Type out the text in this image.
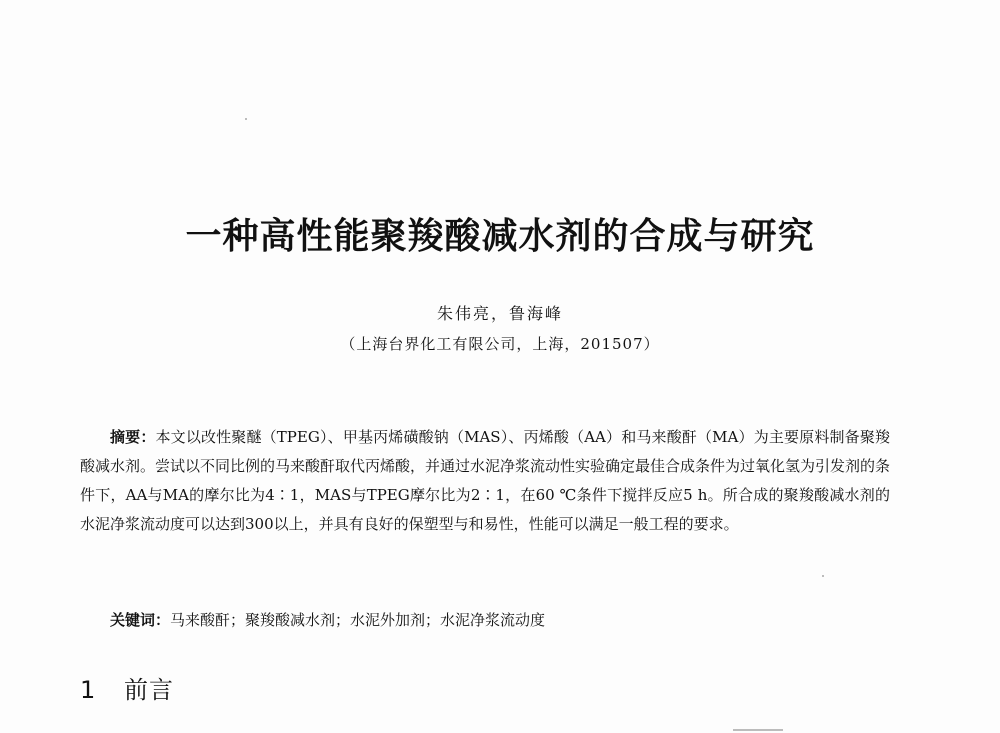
一种高性能聚羧酸减水剂的合成与研究
朱伟亮，鲁海峰
（上海台界化工有限公司，上海，201507）
摘要：本文以改性聚醚（TPEG）、甲基丙烯磺酸钠（MAS）、丙烯酸（AA）和马来酸酐（MA）为主要原料制备聚羧酸减水剂。尝试以不同比例的马来酸酐取代丙烯酸，并通过水泥净浆流动性实验确定最佳合成条件为过氧化氢为引发剂的条件下，AA与MA的摩尔比为4∶1，MAS与TPEG摩尔比为2∶1，在60 ℃条件下搅拌反应5 h。所合成的聚羧酸减水剂的水泥净浆流动度可以达到300以上，并具有良好的保塑型与和易性，性能可以满足一般工程的要求。
关键词：马来酸酐；聚羧酸减水剂；水泥外加剂；水泥净浆流动度
1 前言
